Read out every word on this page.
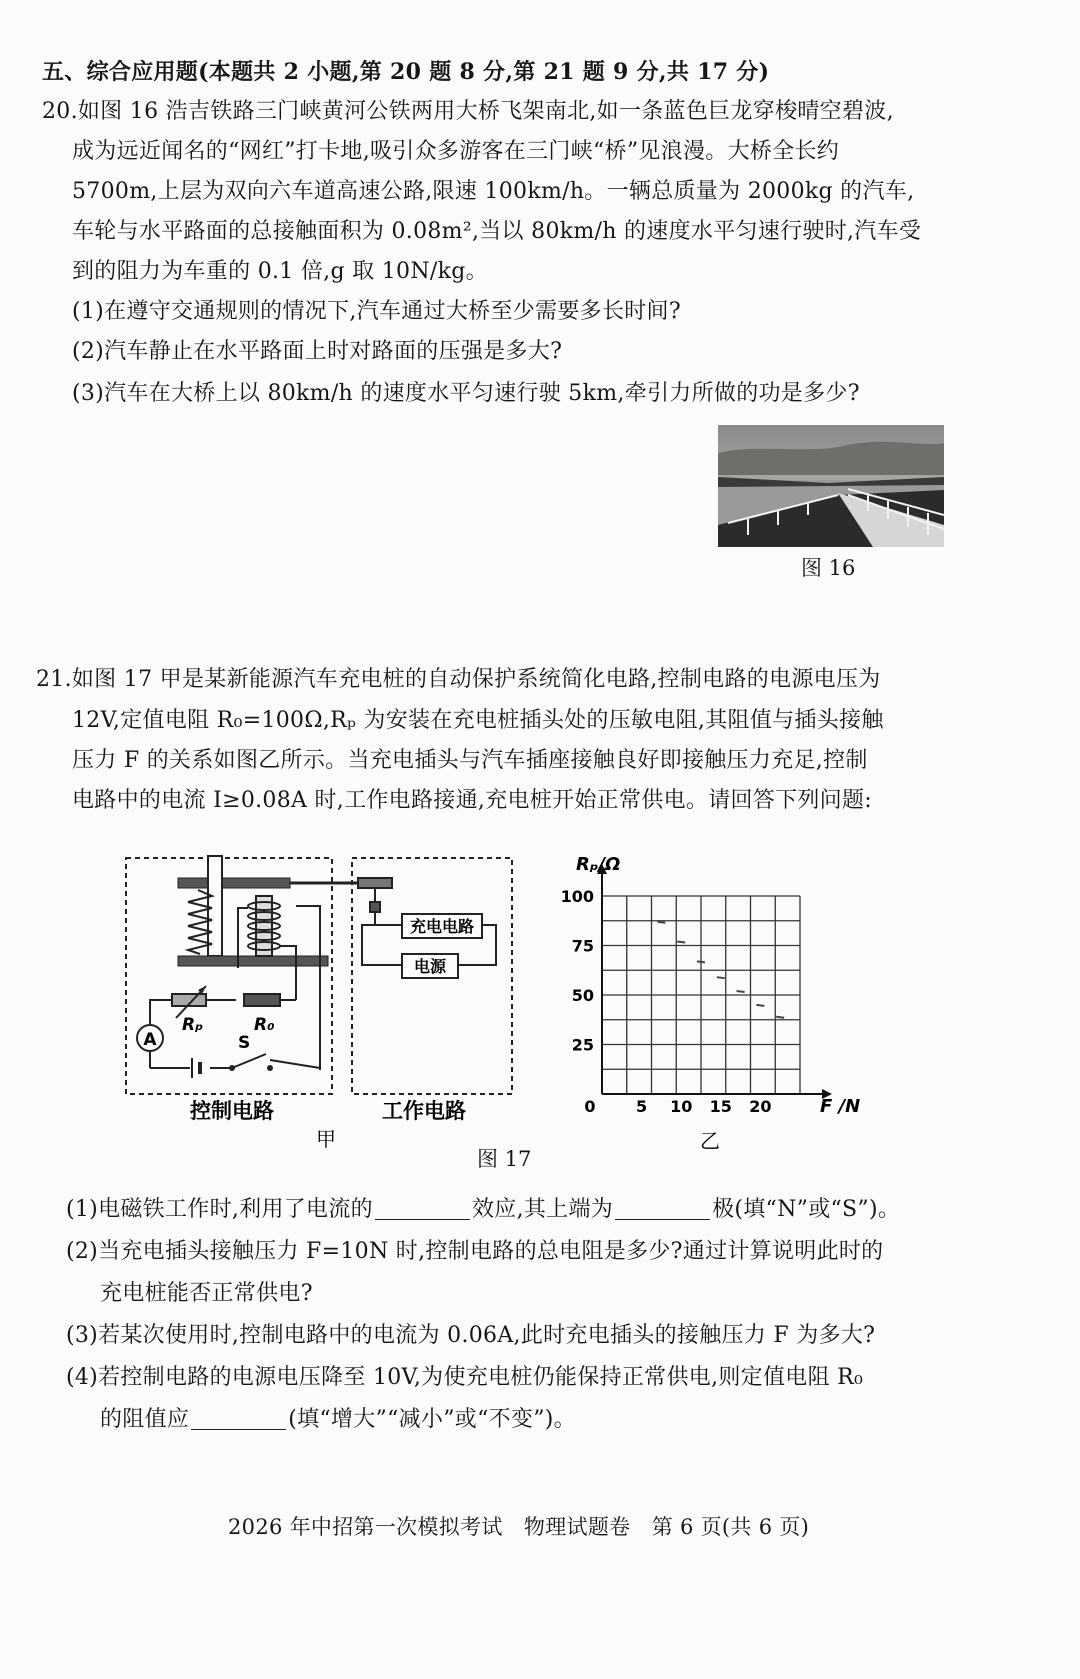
五、综合应用题(本题共 2 小题,第 20 题 8 分,第 21 题 9 分,共 17 分)
20.如图 16 浩吉铁路三门峡黄河公铁两用大桥飞架南北,如一条蓝色巨龙穿梭晴空碧波,
成为远近闻名的“网红”打卡地,吸引众多游客在三门峡“桥”见浪漫。大桥全长约
5700m,上层为双向六车道高速公路,限速 100km/h。一辆总质量为 2000kg 的汽车,
车轮与水平路面的总接触面积为 0.08m²,当以 80km/h 的速度水平匀速行驶时,汽车受
到的阻力为车重的 0.1 倍,g 取 10N/kg。
(1)在遵守交通规则的情况下,汽车通过大桥至少需要多长时间?
(2)汽车静止在水平路面上时对路面的压强是多大?
(3)汽车在大桥上以 80km/h 的速度水平匀速行驶 5km,牵引力所做的功是多少?
图 16
21.如图 17 甲是某新能源汽车充电桩的自动保护系统简化电路,控制电路的电源电压为
12V,定值电阻 R₀=100Ω,Rₚ 为安装在充电桩插头处的压敏电阻,其阻值与插头接触
压力 F 的关系如图乙所示。当充电插头与汽车插座接触良好即接触压力充足,控制
电路中的电流 I≥0.08A 时,工作电路接通,充电桩开始正常供电。请回答下列问题:
A	S
Rₚ	R₀
充电电路
电源
控制电路	工作电路
甲
0	5 10 15 20
25
50
75
100
F /N
Rₚ/Ω
乙
图 17
(1)电磁铁工作时,利用了电流的	效应,其上端为	极(填“N”或“S”)。
(2)当充电插头接触压力 F=10N 时,控制电路的总电阻是多少?通过计算说明此时的
充电桩能否正常供电?
(3)若某次使用时,控制电路中的电流为 0.06A,此时充电插头的接触压力 F 为多大?
(4)若控制电路的电源电压降至 10V,为使充电桩仍能保持正常供电,则定值电阻 R₀
的阻值应	(填“增大”“减小”或“不变”)。
2026 年中招第一次模拟考试　物理试题卷　第 6 页(共 6 页)
